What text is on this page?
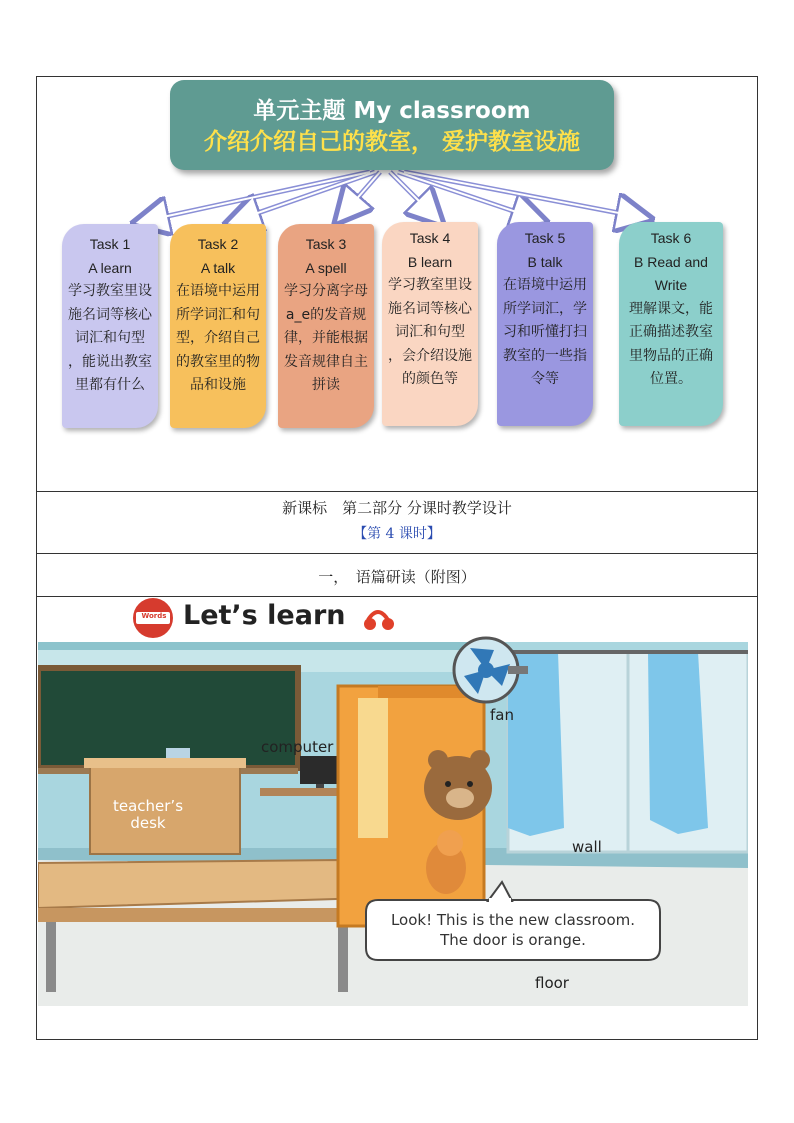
单元主题 My classroom
介绍介绍自己的教室， 爱护教室设施
Task 1
A learn
学习教室里设施名词等核心词汇和句型 ，能说出教室里都有什么
Task 2
A talk
在语境中运用所学词汇和句型，介绍自己的教室里的物品和设施
Task 3
A spell
学习分离字母a_e的发音规律，并能根据发音规律自主拼读
Task 4
B learn
学习教室里设施名词等核心词汇和句型 ，会介绍设施的颜色等
Task 5
B talk
在语境中运用所学词汇，学习和听懂打扫教室的一些指令等
Task 6
B Read and Write
理解课文，能正确描述教室里物品的正确位置。
新课标　第二部分 分课时教学设计
【第 4 课时】
一，　语篇研读（附图）
Words Let’s learn
fan
computer
teacher’s desk
wall
floor
Look! This is the new classroom.
The door is orange.
